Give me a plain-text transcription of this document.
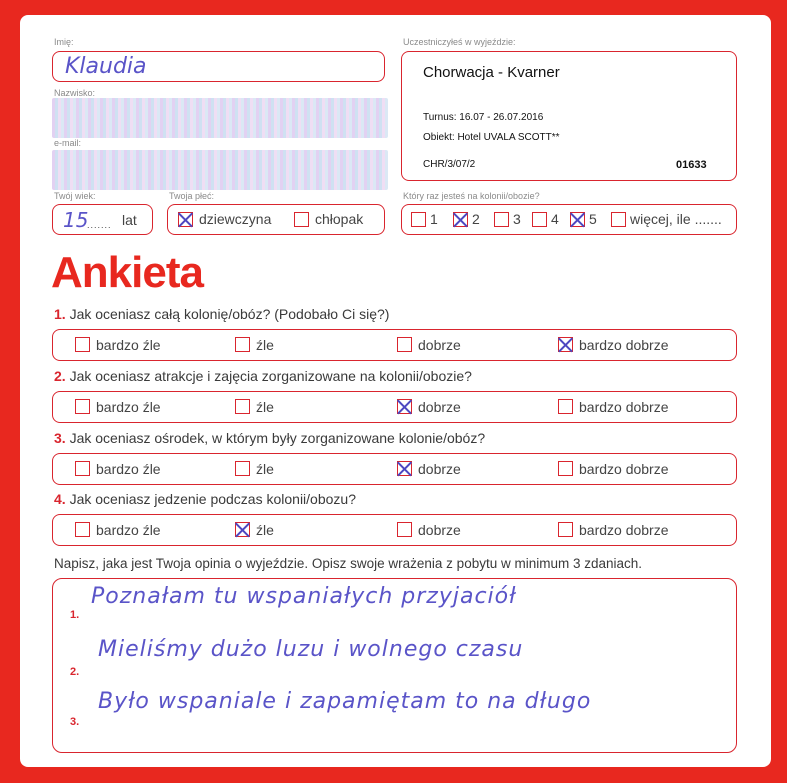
Imię:
Klaudia
Nazwisko:
e-mail:
Uczestniczyłeś w wyjeździe:
Chorwacja - Kvarner
Turnus: 16.07 - 26.07.2016
Obiekt: Hotel UVALA SCOTT**
CHR/3/07/2	01633
Twój wiek:
15
....... lat
Twoja płeć:
dziewczyna	chłopak
Który raz jesteś na kolonii/obozie?
1 2 3 4 5 więcej, ile .......
Ankieta
Napisz, jaka jest Twoja opinia o wyjeździe. Opisz swoje wrażenia z pobytu w minimum 3 zdaniach.
1.
Poznałam tu wspaniałych przyjaciół
2.
Mieliśmy dużo luzu i wolnego czasu
3.
Było wspaniale i zapamiętam to na długo
1. Jak oceniasz całą kolonię/obóz? (Podobało Ci się?)
bardzo źle	źle	dobrze	bardzo dobrze
2. Jak oceniasz atrakcje i zajęcia zorganizowane na kolonii/obozie?
bardzo źle	źle	dobrze	bardzo dobrze
3. Jak oceniasz ośrodek, w którym były zorganizowane kolonie/obóz?
bardzo źle	źle	dobrze	bardzo dobrze
4. Jak oceniasz jedzenie podczas kolonii/obozu?
bardzo źle	źle	dobrze	bardzo dobrze
